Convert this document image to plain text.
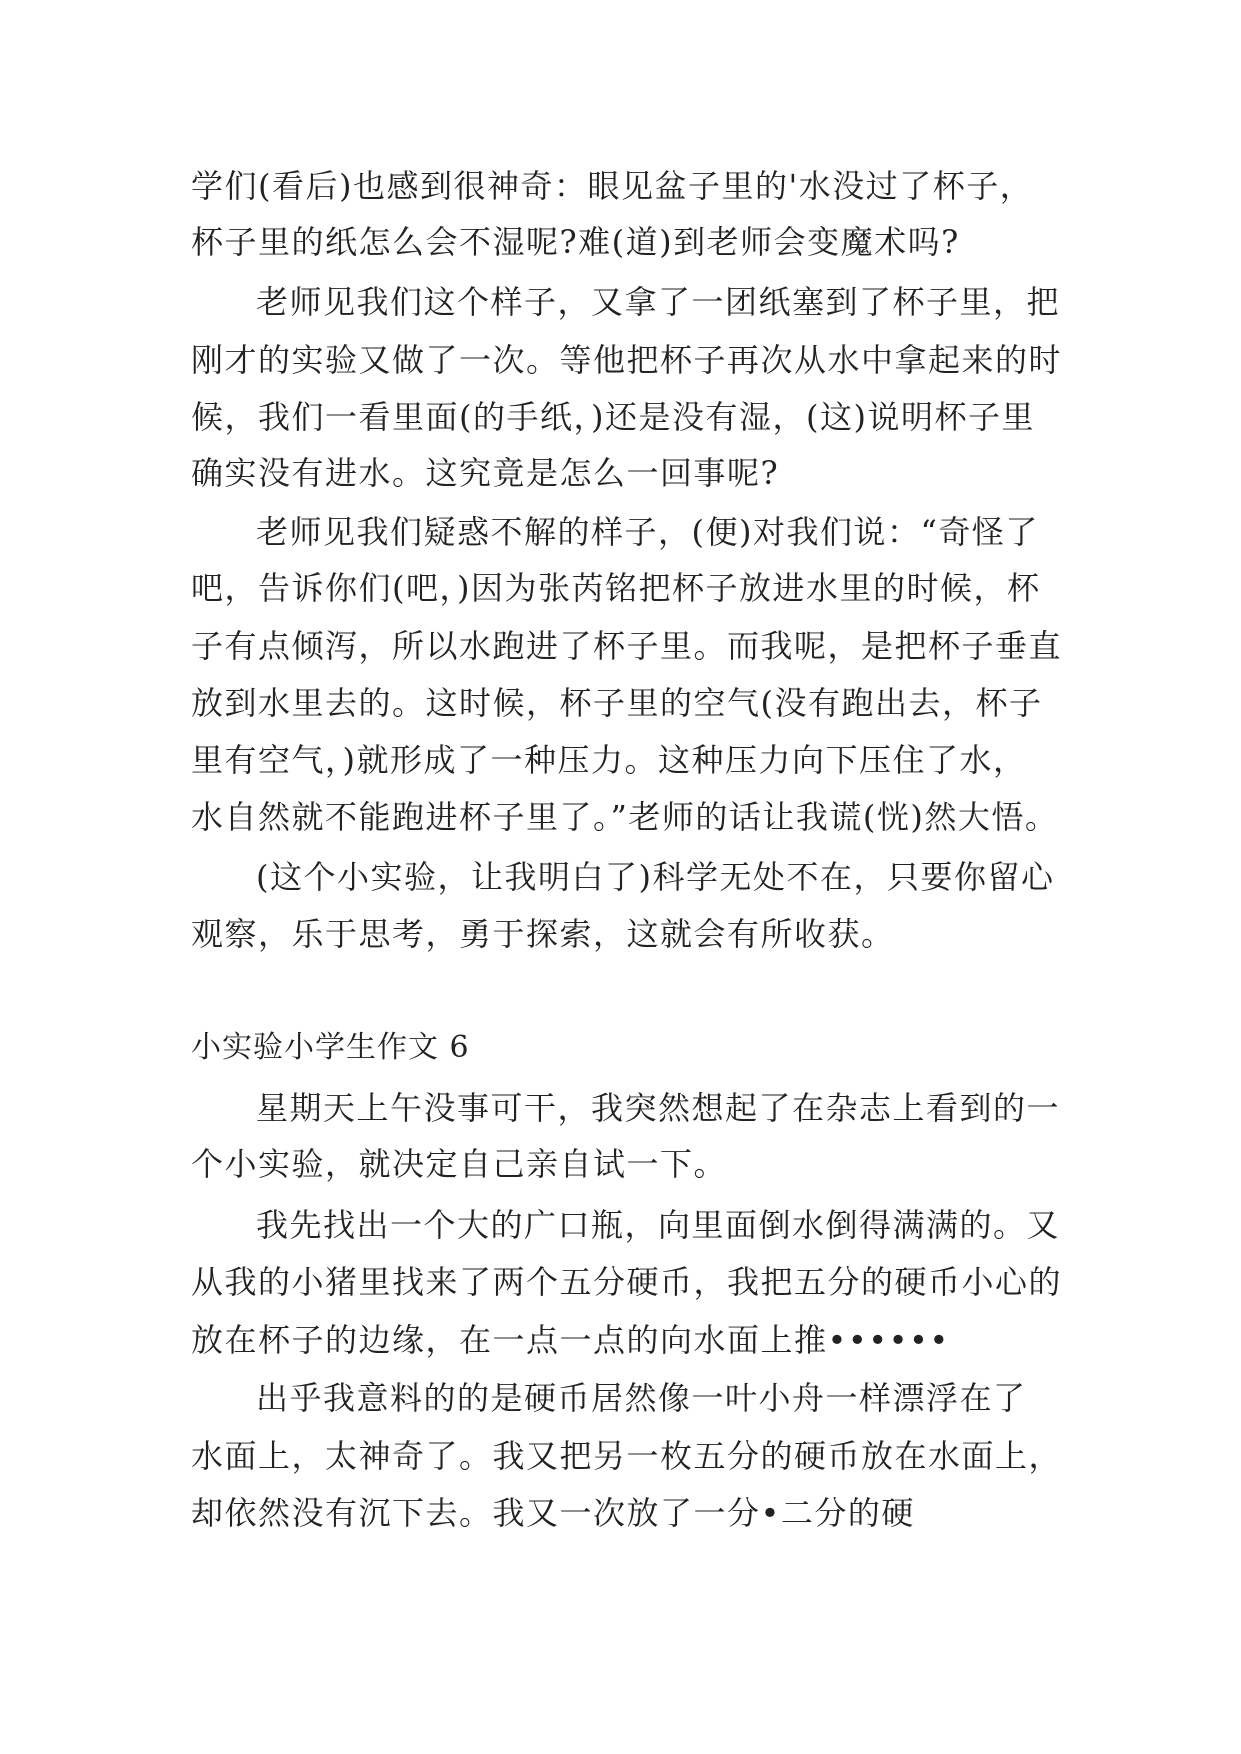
学们(看后)也感到很神奇：眼见盆子里的'水没过了杯子，
杯子里的纸怎么会不湿呢?难(道)到老师会变魔术吗?
老师见我们这个样子，又拿了一团纸塞到了杯子里，把
刚才的实验又做了一次。等他把杯子再次从水中拿起来的时
候，我们一看里面(的手纸，)还是没有湿，(这)说明杯子里
确实没有进水。这究竟是怎么一回事呢?
老师见我们疑惑不解的样子，(便)对我们说：“奇怪了
吧，告诉你们(吧，)因为张芮铭把杯子放进水里的时候，杯
子有点倾泻，所以水跑进了杯子里。而我呢，是把杯子垂直
放到水里去的。这时候，杯子里的空气(没有跑出去，杯子
里有空气，)就形成了一种压力。这种压力向下压住了水，
水自然就不能跑进杯子里了。”老师的话让我谎(恍)然大悟。
(这个小实验，让我明白了)科学无处不在，只要你留心
观察，乐于思考，勇于探索，这就会有所收获。
小实验小学生作文 6
星期天上午没事可干，我突然想起了在杂志上看到的一
个小实验，就决定自己亲自试一下。
我先找出一个大的广口瓶，向里面倒水倒得满满的。又
从我的小猪里找来了两个五分硬币，我把五分的硬币小心的
放在杯子的边缘，在一点一点的向水面上推••••••
出乎我意料的的是硬币居然像一叶小舟一样漂浮在了
水面上，太神奇了。我又把另一枚五分的硬币放在水面上，
却依然没有沉下去。我又一次放了一分•二分的硬
